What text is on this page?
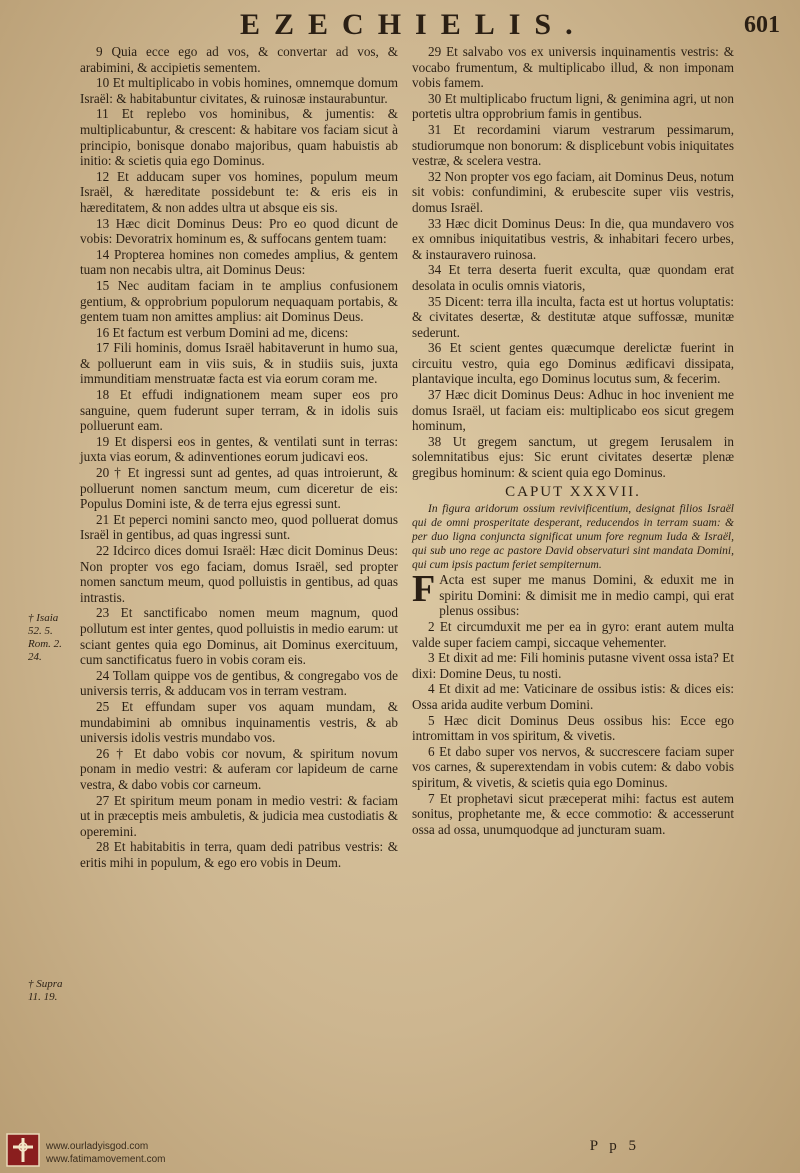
EZECHIELIS.	601
† Isaia 52. 5. Rom. 2. 24.
† Supra 11. 19.

9 Quia ecce ego ad vos, & convertar ad vos, & arabimini, & accipietis sementem.

10 Et multiplicabo in vobis homines, omnemque domum Israël: & habitabuntur civitates, & ruinosæ instaurabuntur.

11 Et replebo vos hominibus, & jumentis: & multiplicabuntur, & crescent: & habitare vos faciam sicut à principio, bonisque donabo majoribus, quam habuistis ab initio: & scietis quia ego Dominus.

12 Et adducam super vos homines, populum meum Israël, & hæreditate possidebunt te: & eris eis in hæreditatem, & non addes ultra ut absque eis sis.

13 Hæc dicit Dominus Deus: Pro eo quod dicunt de vobis: Devoratrix hominum es, & suffocans gentem tuam:

14 Propterea homines non comedes amplius, & gentem tuam non necabis ultra, ait Dominus Deus:

15 Nec auditam faciam in te amplius confusionem gentium, & opprobrium populorum nequaquam portabis, & gentem tuam non amittes amplius: ait Dominus Deus.

16 Et factum est verbum Domini ad me, dicens:

17 Fili hominis, domus Israël habitaverunt in humo sua, & polluerunt eam in viis suis, & in studiis suis, juxta immunditiam menstruatæ facta est via eorum coram me.

18 Et effudi indignationem meam super eos pro sanguine, quem fuderunt super terram, & in idolis suis polluerunt eam.

19 Et dispersi eos in gentes, & ventilati sunt in terras: juxta vias eorum, & adinventiones eorum judicavi eos.

20 † Et ingressi sunt ad gentes, ad quas introierunt, & polluerunt nomen sanctum meum, cum diceretur de eis: Populus Domini iste, & de terra ejus egressi sunt.

21 Et peperci nomini sancto meo, quod polluerat domus Israël in gentibus, ad quas ingressi sunt.

22 Idcirco dices domui Israël: Hæc dicit Dominus Deus: Non propter vos ego faciam, domus Israël, sed propter nomen sanctum meum, quod polluistis in gentibus, ad quas intrastis.

23 Et sanctificabo nomen meum magnum, quod pollutum est inter gentes, quod polluistis in medio earum: ut sciant gentes quia ego Dominus, ait Dominus exercituum, cum sanctificatus fuero in vobis coram eis.

24 Tollam quippe vos de gentibus, & congregabo vos de universis terris, & adducam vos in terram vestram.

25 Et effundam super vos aquam mundam, & mundabimini ab omnibus inquinamentis vestris, & ab universis idolis vestris mundabo vos.

26 † Et dabo vobis cor novum, & spiritum novum ponam in medio vestri: & auferam cor lapideum de carne vestra, & dabo vobis cor carneum.

27 Et spiritum meum ponam in medio vestri: & faciam ut in præceptis meis ambuletis, & judicia mea custodiatis & operemini.

28 Et habitabitis in terra, quam dedi patribus vestris: & eritis mihi in populum, & ego ero vobis in Deum.

29 Et salvabo vos ex universis inquinamentis vestris: & vocabo frumentum, & multiplicabo illud, & non imponam vobis famem.

30 Et multiplicabo fructum ligni, & genimina agri, ut non portetis ultra opprobrium famis in gentibus.

31 Et recordamini viarum vestrarum pessimarum, studiorumque non bonorum: & displicebunt vobis iniquitates vestræ, & scelera vestra.

32 Non propter vos ego faciam, ait Dominus Deus, notum sit vobis: confundimini, & erubescite super viis vestris, domus Israël.

33 Hæc dicit Dominus Deus: In die, qua mundavero vos ex omnibus iniquitatibus vestris, & inhabitari fecero urbes, & instauravero ruinosa.

34 Et terra deserta fuerit exculta, quæ quondam erat desolata in oculis omnis viatoris,

35 Dicent: terra illa inculta, facta est ut hortus voluptatis: & civitates desertæ, & destitutæ atque suffossæ, munitæ sederunt.

36 Et scient gentes quæcumque derelictæ fuerint in circuitu vestro, quia ego Dominus ædificavi dissipata, plantavique inculta, ego Dominus locutus sum, & fecerim.

37 Hæc dicit Dominus Deus: Adhuc in hoc invenient me domus Israël, ut faciam eis: multiplicabo eos sicut gregem hominum,

38 Ut gregem sanctum, ut gregem Ierusalem in solemnitatibus ejus: Sic erunt civitates desertæ plenæ gregibus hominum: & scient quia ego Dominus.

CAPUT XXXVII.

In figura aridorum ossium revivificentium, designat filios Israël qui de omni prosperitate desperant, reducendos in terram suam: & per duo ligna conjuncta significat unum fore regnum Iuda & Israël, qui sub uno rege ac pastore David observaturi sint mandata Domini, qui cum ipsis pactum feriet sempiternum.

F Acta est super me manus Domini, & eduxit me in spiritu Domini: & dimisit me in medio campi, qui erat plenus ossibus:

2 Et circumduxit me per ea in gyro: erant autem multa valde super faciem campi, siccaque vehementer.

3 Et dixit ad me: Fili hominis putasne vivent ossa ista? Et dixi: Domine Deus, tu nosti.

4 Et dixit ad me: Vaticinare de ossibus istis: & dices eis: Ossa arida audite verbum Domini.

5 Hæc dicit Dominus Deus ossibus his: Ecce ego intromittam in vos spiritum, & vivetis.

6 Et dabo super vos nervos, & succrescere faciam super vos carnes, & superextendam in vobis cutem: & dabo vobis spiritum, & vivetis, & scietis quia ego Dominus.

7 Et prophetavi sicut præceperat mihi: factus est autem sonitus, prophetante me, & ecce commotio: & accesserunt ossa ad ossa, unumquodque ad juncturam suam.

P p 5
www.ourladyisgod.com
www.fatimamovement.com
